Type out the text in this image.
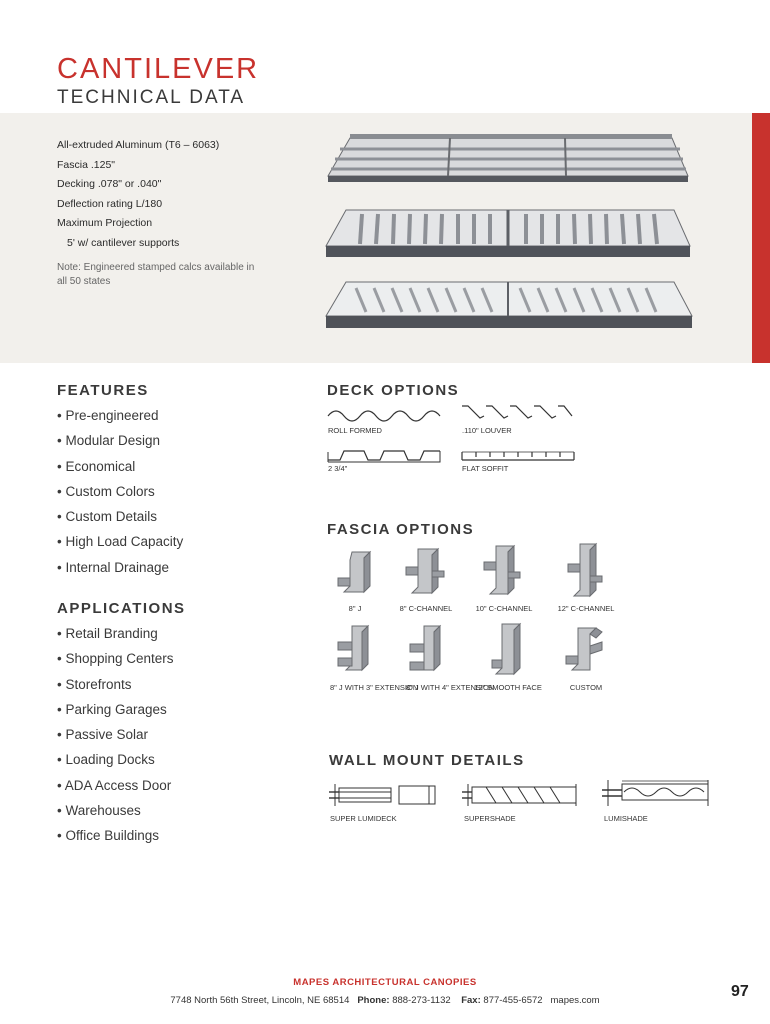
CANTILEVER
TECHNICAL DATA
All-extruded Aluminum (T6 – 6063)
Fascia .125"
Decking .078" or .040"
Deflection rating L/180
Maximum Projection
5' w/ cantilever supports
Note: Engineered stamped calcs available in all 50 states
FEATURES
• Pre-engineered
• Modular Design
• Economical
• Custom Colors
• Custom Details
• High Load Capacity
• Internal Drainage
APPLICATIONS
• Retail Branding
• Shopping Centers
• Storefronts
• Parking Garages
• Passive Solar
• Loading Docks
• ADA Access Door
• Warehouses
• Office Buildings
DECK OPTIONS
ROLL FORMED	.110" LOUVER
2 3/4"	FLAT SOFFIT
FASCIA OPTIONS
8" J	8" C-CHANNEL	10" C-CHANNEL	12" C-CHANNEL
8" J WITH 3" EXTENSION
8" J WITH 4" EXTENSION
12" SMOOTH FACE	CUSTOM
WALL MOUNT DETAILS
SUPER LUMIDECK	SUPERSHADE	LUMISHADE
MAPES ARCHITECTURAL CANOPIES
7748 North 56th Street, Lincoln, NE 68514 Phone: 888-273-1132 Fax: 877-455-6572 mapes.com
97
